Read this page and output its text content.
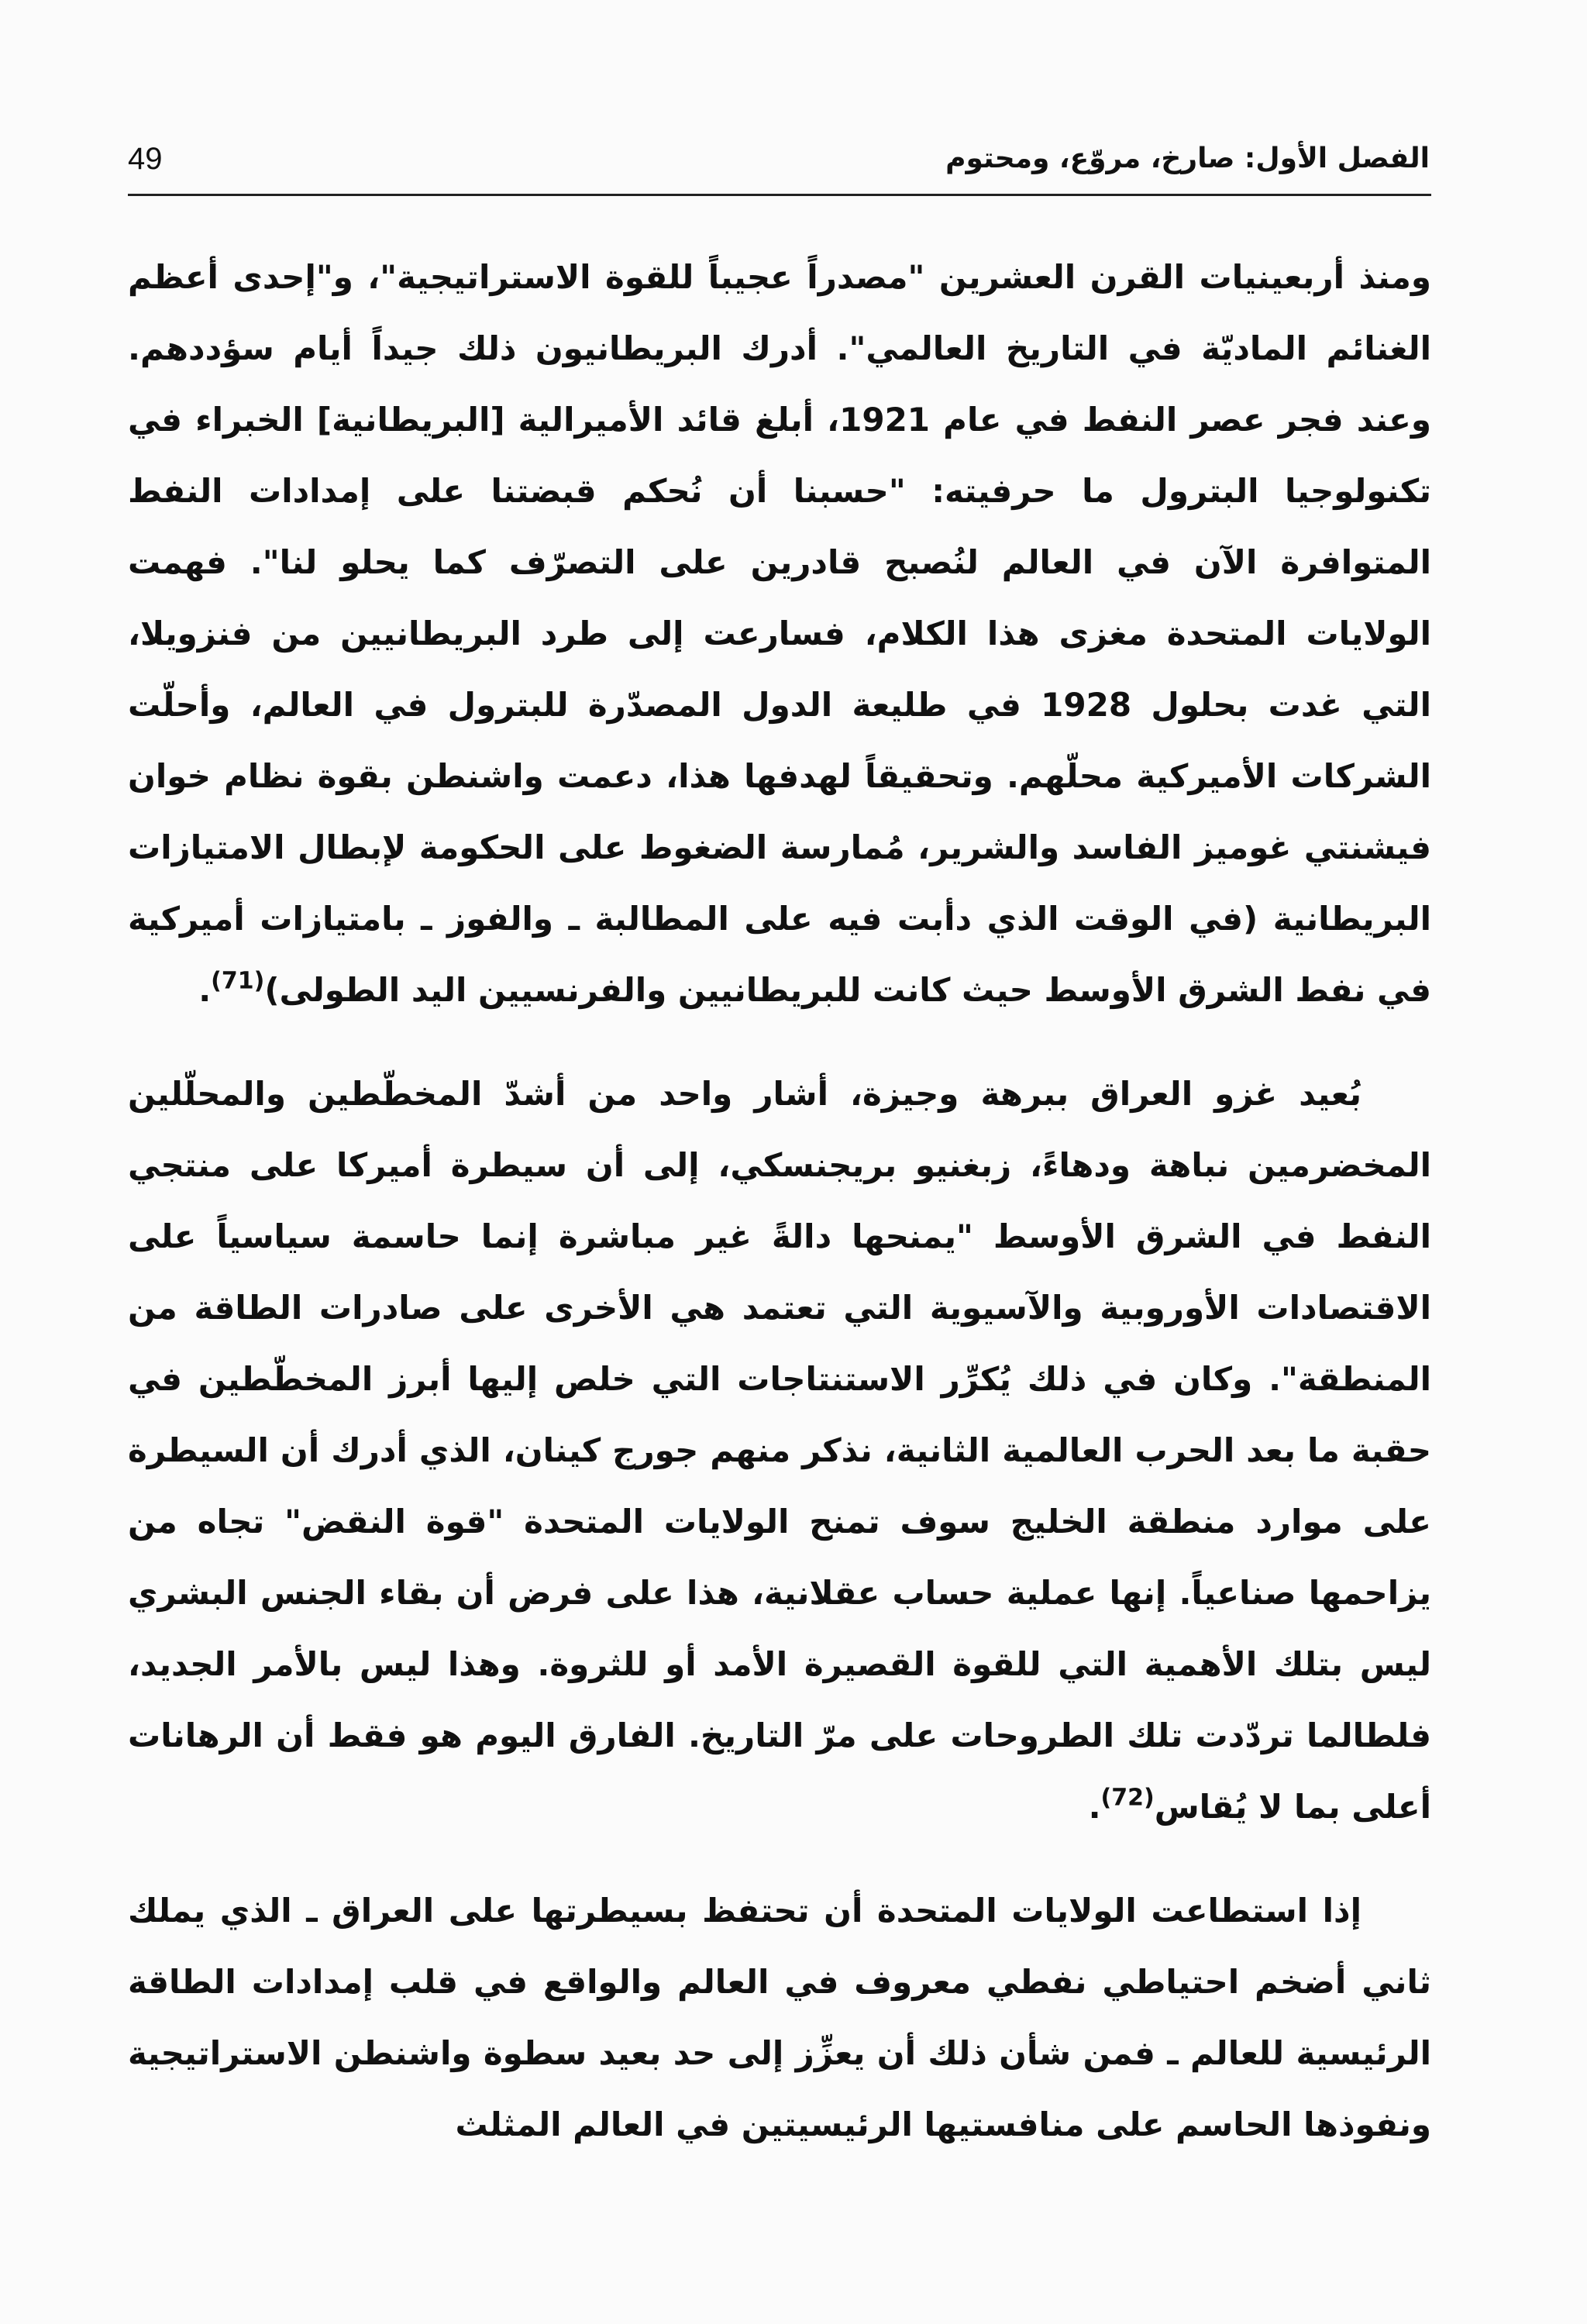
الفصل الأول: صارخ، مروّع، ومحتوم
49

ومنذ أربعينيات القرن العشرين "مصدراً عجيباً للقوة الاستراتيجية"، و"إحدى أعظم الغنائم الماديّة في التاريخ العالمي". أدرك البريطانيون ذلك جيداً أيام سؤددهم. وعند فجر عصر النفط في عام 1921، أبلغ قائد الأميرالية [البريطانية] الخبراء في تكنولوجيا البترول ما حرفيته: "حسبنا أن نُحكم قبضتنا على إمدادات النفط المتوافرة الآن في العالم لنُصبح قادرين على التصرّف كما يحلو لنا". فهمت الولايات المتحدة مغزى هذا الكلام، فسارعت إلى طرد البريطانيين من فنزويلا، التي غدت بحلول 1928 في طليعة الدول المصدّرة للبترول في العالم، وأحلّت الشركات الأميركية محلّهم. وتحقيقاً لهدفها هذا، دعمت واشنطن بقوة نظام خوان فيشنتي غوميز الفاسد والشرير، مُمارسة الضغوط على الحكومة لإبطال الامتيازات البريطانية (في الوقت الذي دأبت فيه على المطالبة ـ والفوز ـ بامتيازات أميركية في نفط الشرق الأوسط حيث كانت للبريطانيين والفرنسيين اليد الطولى)$^{(71)}$.

بُعيد غزو العراق ببرهة وجيزة، أشار واحد من أشدّ المخطّطين والمحلّلين المخضرمين نباهة ودهاءً، زبغنيو بريجنسكي، إلى أن سيطرة أميركا على منتجي النفط في الشرق الأوسط "يمنحها دالةً غير مباشرة إنما حاسمة سياسياً على الاقتصادات الأوروبية والآسيوية التي تعتمد هي الأخرى على صادرات الطاقة من المنطقة". وكان في ذلك يُكرِّر الاستنتاجات التي خلص إليها أبرز المخطّطين في حقبة ما بعد الحرب العالمية الثانية، نذكر منهم جورج كينان، الذي أدرك أن السيطرة على موارد منطقة الخليج سوف تمنح الولايات المتحدة "قوة النقض" تجاه من يزاحمها صناعياً. إنها عملية حساب عقلانية، هذا على فرض أن بقاء الجنس البشري ليس بتلك الأهمية التي للقوة القصيرة الأمد أو للثروة. وهذا ليس بالأمر الجديد، فلطالما تردّدت تلك الطروحات على مرّ التاريخ. الفارق اليوم هو فقط أن الرهانات أعلى بما لا يُقاس$^{(72)}$.

إذا استطاعت الولايات المتحدة أن تحتفظ بسيطرتها على العراق ـ الذي يملك ثاني أضخم احتياطي نفطي معروف في العالم والواقع في قلب إمدادات الطاقة الرئيسية للعالم ـ فمن شأن ذلك أن يعزِّز إلى حد بعيد سطوة واشنطن الاستراتيجية ونفوذها الحاسم على منافستيها الرئيسيتين في العالم المثلث
